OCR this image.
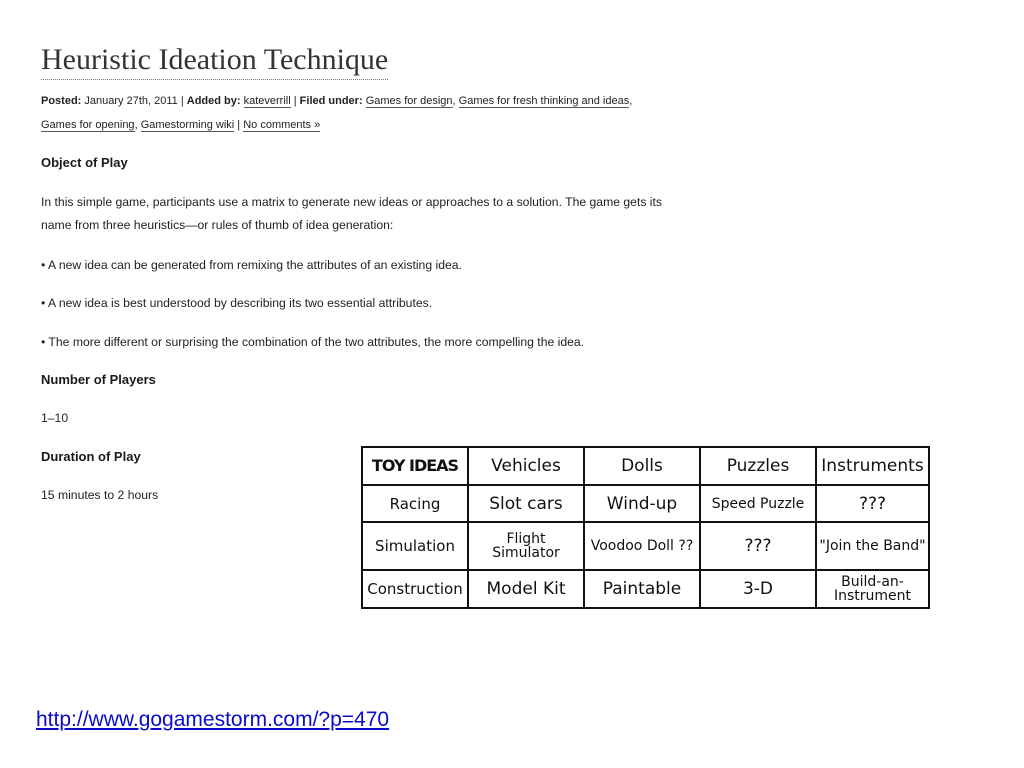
Heuristic Ideation Technique
Posted: January 27th, 2011 | Added by: kateverrill | Filed under: Games for design, Games for fresh thinking and ideas,
Games for opening, Gamestorming wiki | No comments »
Object of Play

In this simple game, participants use a matrix to generate new ideas or approaches to a solution. The game gets its name from three heuristics—or rules of thumb of idea generation:

• A new idea can be generated from remixing the attributes of an existing idea.

• A new idea is best understood by describing its two essential attributes.

• The more different or surprising the combination of the two attributes, the more compelling the idea.

Number of Players

1–10

Duration of Play

15 minutes to 2 hours

TOY IDEAS	Vehicles	Dolls	Puzzles	Instruments
Racing	Slot cars	Wind-up	Speed Puzzle	???
Simulation	Flight Simulator	Voodoo Doll ??	???	"Join the Band"
Construction	Model Kit	Paintable	3-D	Build-an-Instrument
http://www.gogamestorm.com/?p=470
